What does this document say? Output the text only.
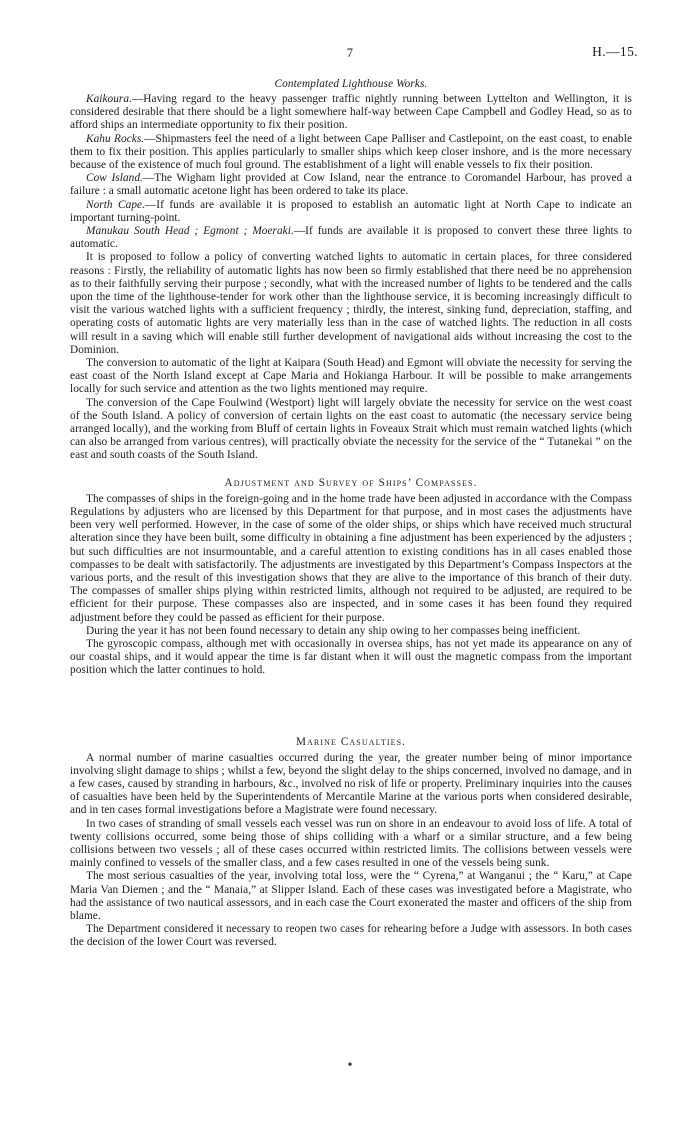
7	H.—15.
Contemplated Lighthouse Works.

Kaikoura.—Having regard to the heavy passenger traffic nightly running between Lyttelton and Wellington, it is considered desirable that there should be a light somewhere half-way between Cape Campbell and Godley Head, so as to afford ships an intermediate opportunity to fix their position.

Kahu Rocks.—Shipmasters feel the need of a light between Cape Palliser and Castlepoint, on the east coast, to enable them to fix their position. This applies particularly to smaller ships which keep closer inshore, and is the more necessary because of the existence of much foul ground. The establishment of a light will enable vessels to fix their position.

Cow Island.—The Wigham light provided at Cow Island, near the entrance to Coromandel Harbour, has proved a failure : a small automatic acetone light has been ordered to take its place.

North Cape.—If funds are available it is proposed to establish an automatic light at North Cape to indicate an important turning-point.

Manukau South Head ; Egmont ; Moeraki.—If funds are available it is proposed to convert these three lights to automatic.

It is proposed to follow a policy of converting watched lights to automatic in certain places, for three considered reasons : Firstly, the reliability of automatic lights has now been so firmly established that there need be no apprehension as to their faithfully serving their purpose ; secondly, what with the increased number of lights to be tendered and the calls upon the time of the lighthouse-tender for work other than the lighthouse service, it is becoming increasingly difficult to visit the various watched lights with a sufficient frequency ; thirdly, the interest, sinking fund, depreciation, staffing, and operating costs of automatic lights are very materially less than in the case of watched lights. The reduction in all costs will result in a saving which will enable still further development of navigational aids without increasing the cost to the Dominion.

The conversion to automatic of the light at Kaipara (South Head) and Egmont will obviate the necessity for serving the east coast of the North Island except at Cape Maria and Hokianga Harbour. It will be possible to make arrangements locally for such service and attention as the two lights mentioned may require.

The conversion of the Cape Foulwind (Westport) light will largely obviate the necessity for service on the west coast of the South Island. A policy of conversion of certain lights on the east coast to automatic (the necessary service being arranged locally), and the working from Bluff of certain lights in Foveaux Strait which must remain watched lights (which can also be arranged from various centres), will practically obviate the necessity for the service of the “ Tutanekai ” on the east and south coasts of the South Island.

Adjustment and Survey of Ships’ Compasses.

The compasses of ships in the foreign-going and in the home trade have been adjusted in accordance with the Compass Regulations by adjusters who are licensed by this Department for that purpose, and in most cases the adjustments have been very well performed. However, in the case of some of the older ships, or ships which have received much structural alteration since they have been built, some difficulty in obtaining a fine adjustment has been experienced by the adjusters ; but such difficulties are not insurmountable, and a careful attention to existing conditions has in all cases enabled those compasses to be dealt with satisfactorily. The adjustments are investigated by this Department’s Compass Inspectors at the various ports, and the result of this investigation shows that they are alive to the importance of this branch of their duty. The compasses of smaller ships plying within restricted limits, although not required to be adjusted, are required to be efficient for their purpose. These compasses also are inspected, and in some cases it has been found they required adjustment before they could be passed as efficient for their purpose.

During the year it has not been found necessary to detain any ship owing to her compasses being inefficient.

The gyroscopic compass, although met with occasionally in oversea ships, has not yet made its appearance on any of our coastal ships, and it would appear the time is far distant when it will oust the magnetic compass from the important position which the latter continues to hold.

Marine Casualties.

A normal number of marine casualties occurred during the year, the greater number being of minor importance involving slight damage to ships ; whilst a few, beyond the slight delay to the ships concerned, involved no damage, and in a few cases, caused by stranding in harbours, &c., involved no risk of life or property. Preliminary inquiries into the causes of casualties have been held by the Superintendents of Mercantile Marine at the various ports when considered desirable, and in ten cases formal investigations before a Magistrate were found necessary.

In two cases of stranding of small vessels each vessel was run on shore in an endeavour to avoid loss of life. A total of twenty collisions occurred, some being those of ships colliding with a wharf or a similar structure, and a few being collisions between two vessels ; all of these cases occurred within restricted limits. The collisions between vessels were mainly confined to vessels of the smaller class, and a few cases resulted in one of the vessels being sunk.

The most serious casualties of the year, involving total loss, were the “ Cyrena,” at Wanganui ; the “ Karu,” at Cape Maria Van Diemen ; and the “ Manaia,” at Slipper Island. Each of these cases was investigated before a Magistrate, who had the assistance of two nautical assessors, and in each case the Court exonerated the master and officers of the ship from blame.

The Department considered it necessary to reopen two cases for rehearing before a Judge with assessors. In both cases the decision of the lower Court was reversed.

•
